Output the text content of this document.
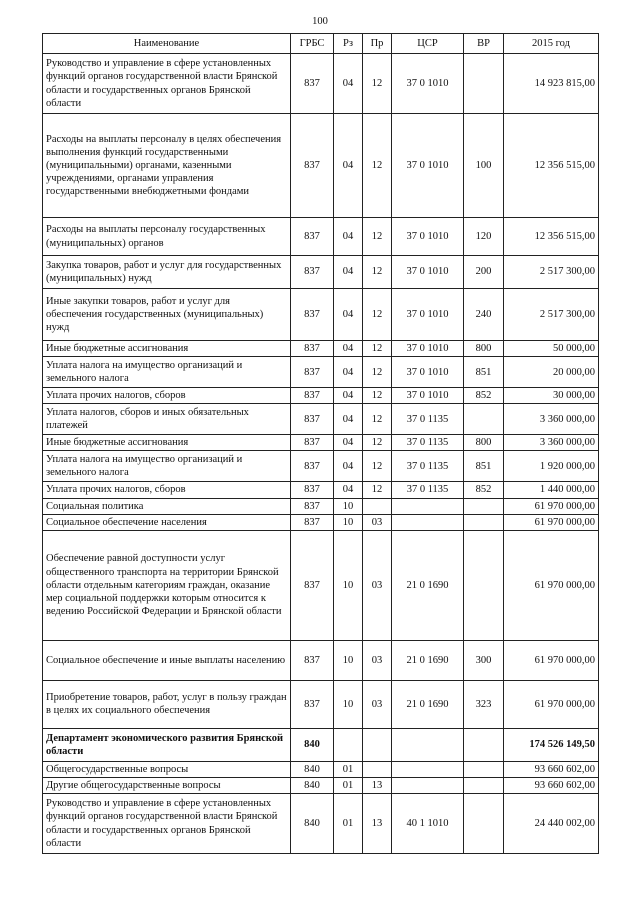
100
Наименование	ГРБС	Рз	Пр	ЦСР	ВР	2015 год
Руководство и управление в сфере установленных функций органов государственной власти Брянской области и государственных органов Брянской области	837	04	12	37 0 1010		14 923 815,00
Расходы на выплаты персоналу в целях обеспечения выполнения функций государственными (муниципальными) органами, казенными учреждениями, органами управления государственными внебюджетными фондами	837	04	12	37 0 1010	100	12 356 515,00
Расходы на выплаты персоналу государственных (муниципальных) органов	837	04	12	37 0 1010	120	12 356 515,00
Закупка товаров, работ и услуг для государственных (муниципальных) нужд	837	04	12	37 0 1010	200	2 517 300,00
Иные закупки товаров, работ и услуг для обеспечения государственных (муниципальных) нужд	837	04	12	37 0 1010	240	2 517 300,00
Иные бюджетные ассигнования	837	04	12	37 0 1010	800	50 000,00
Уплата налога на имущество организаций и земельного налога	837	04	12	37 0 1010	851	20 000,00
Уплата прочих налогов, сборов	837	04	12	37 0 1010	852	30 000,00
Уплата налогов, сборов и иных обязательных платежей	837	04	12	37 0 1135		3 360 000,00
Иные бюджетные ассигнования	837	04	12	37 0 1135	800	3 360 000,00
Уплата налога на имущество организаций и земельного налога	837	04	12	37 0 1135	851	1 920 000,00
Уплата прочих налогов, сборов	837	04	12	37 0 1135	852	1 440 000,00
Социальная политика	837	10				61 970 000,00
Социальное обеспечение населения	837	10	03			61 970 000,00
Обеспечение равной доступности услуг общественного транспорта на территории Брянской области отдельным категориям граждан, оказание мер социальной поддержки которым относится к ведению Российской Федерации и Брянской области	837	10	03	21 0 1690		61 970 000,00
Социальное обеспечение и иные выплаты населению	837	10	03	21 0 1690	300	61 970 000,00
Приобретение товаров, работ, услуг в пользу граждан в целях их социального обеспечения	837	10	03	21 0 1690	323	61 970 000,00
Департамент экономического развития Брянской области	840					174 526 149,50
Общегосударственные вопросы	840	01				93 660 602,00
Другие общегосударственные вопросы	840	01	13			93 660 602,00
Руководство и управление в сфере установленных функций органов государственной власти Брянской области и государственных органов Брянской области	840	01	13	40 1 1010		24 440 002,00
